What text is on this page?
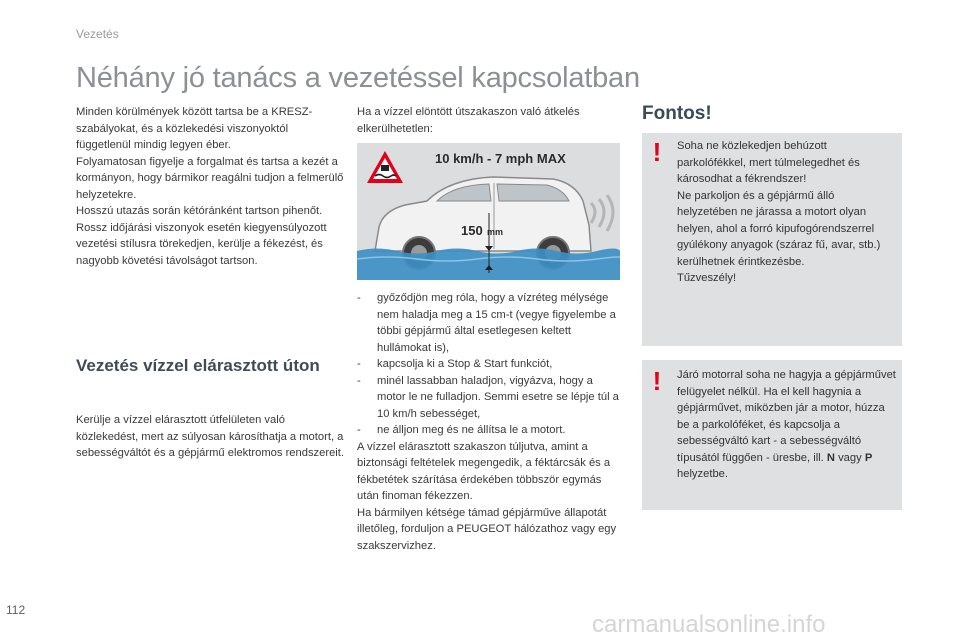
Vezetés
Néhány jó tanács a vezetéssel kapcsolatban

Minden körülmények között tartsa be a KRESZ-szabályokat, és a közlekedési viszonyoktól függetlenül mindig legyen éber.

Folyamatosan figyelje a forgalmat és tartsa a kezét a kormányon, hogy bármikor reagálni tudjon a felmerülő helyzetekre.

Hosszú utazás során kétóránként tartson pihenőt.

Rossz időjárási viszonyok esetén kiegyensúlyozott vezetési stílusra törekedjen, kerülje a fékezést, és nagyobb követési távolságot tartson.

Vezetés vízzel elárasztott úton
Kerülje a vízzel elárasztott útfelületen való közlekedést, mert az súlyosan károsíthatja a motort, a sebességváltót és a gépjármű elektromos rendszereit.
Ha a vízzel elöntött útszakaszon való átkelés elkerülhetetlen:
10 km/h - 7 mph MAX
150 mm
-	győződjön meg róla, hogy a vízréteg mélysége nem haladja meg a 15 cm-t (vegye figyelembe a többi gépjármű által esetlegesen keltett hullámokat is),
-	kapcsolja ki a Stop & Start funkciót,
-	minél lassabban haladjon, vigyázva, hogy a motor le ne fulladjon. Semmi esetre se lépje túl a 10 km/h sebességet,
-	ne álljon meg és ne állítsa le a motort.

A vízzel elárasztott szakaszon túljutva, amint a biztonsági feltételek megengedik, a féktárcsák és a fékbetétek szárítása érdekében többször egymás után finoman fékezzen.

Ha bármilyen kétsége támad gépjárműve állapotát illetőleg, forduljon a PEUGEOT hálózathoz vagy egy szakszervizhez.

Fontos!
! Soha ne közlekedjen behúzott parkolófékkel, mert túlmelegedhet és károsodhat a fékrendszer!

Ne parkoljon és a gépjármű álló helyzetében ne járassa a motort olyan helyen, ahol a forró kipufogórendszerrel gyúlékony anyagok (száraz fű, avar, stb.) kerülhetnek érintkezésbe.

Tűzveszély!

! Járó motorral soha ne hagyja a gépjárművet felügyelet nélkül. Ha el kell hagynia a gépjárművet, miközben jár a motor, húzza be a parkolóféket, és kapcsolja a sebességváltó kart - a sebességváltó típusától függően - üresbe, ill. N vagy P helyzetbe.
112
carmanualsonline.info
